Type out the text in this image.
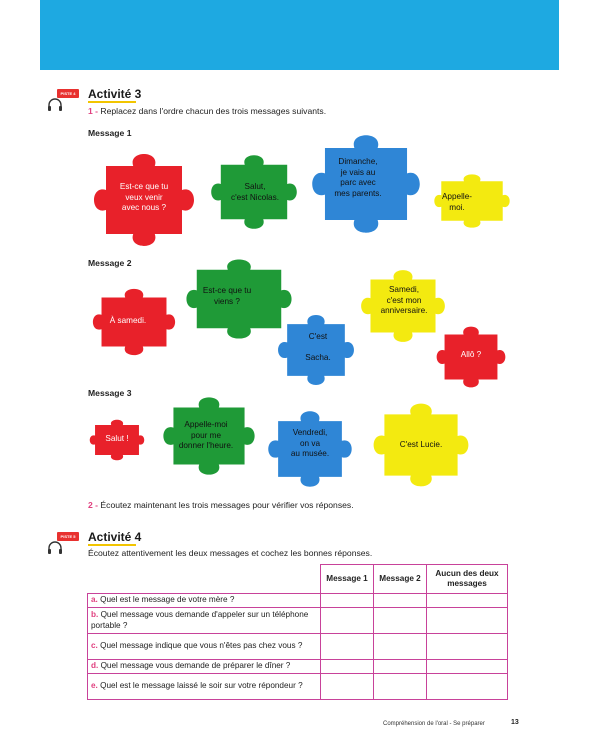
PISTE 4 Activité 3
1 - Replacez dans l'ordre chacun des trois messages suivants.
Message 1
Message 2
Message 3
Est-ce que tu
veux venir
avec nous ?
Salut,
c'est Nicolas.
Dimanche,
je vais au
parc avec
mes parents.	Appelle-
moi.
À samedi.
Est-ce que tu
viens ?
C'est

Sacha.
Samedi,
c'est mon
anniversaire.
Allô ?
Salut !
Appelle-moi
pour me
donner l'heure.
Vendredi,
on va
au musée.
C'est Lucie.
2 - Écoutez maintenant les trois messages pour vérifier vos réponses.
PISTE 5 Activité 4
Écoutez attentivement les deux messages et cochez les bonnes réponses.
	Message 1	Message 2	Aucun des deux messages
a. Quel est le message de votre mère ?			
b. Quel message vous demande d'appeler sur un téléphone portable ?			
c. Quel message indique que vous n'êtes pas chez vous ?			
d. Quel message vous demande de préparer le dîner ?			
e. Quel est le message laissé le soir sur votre répondeur ?			
Compréhension de l'oral - Se préparer	13
